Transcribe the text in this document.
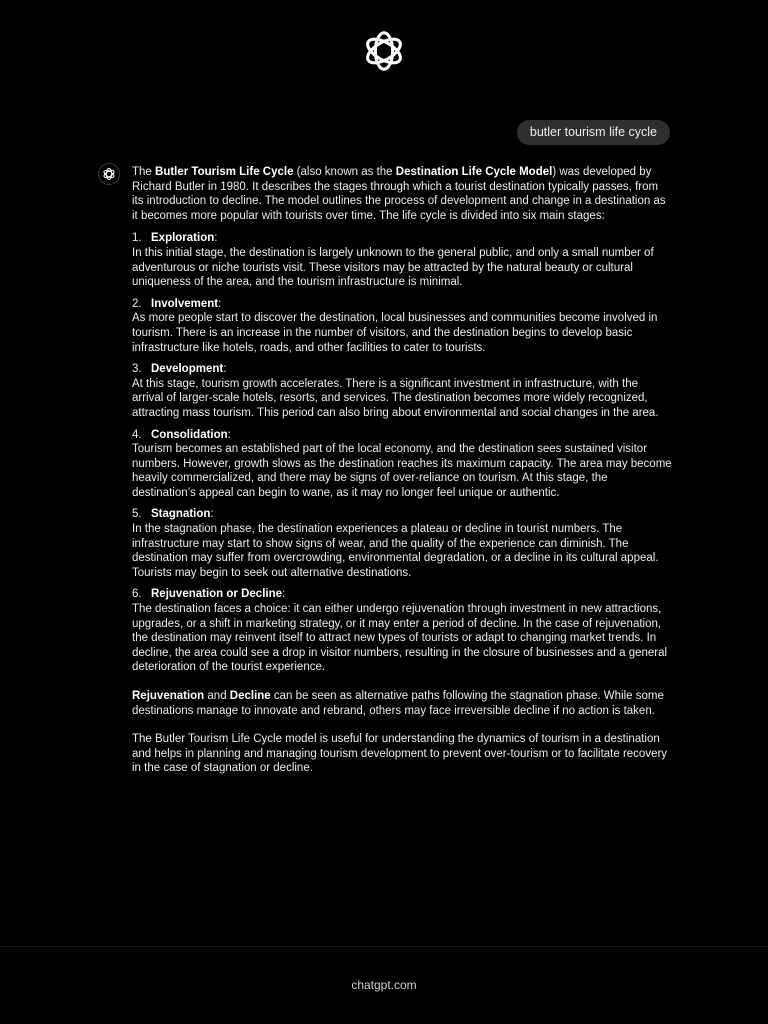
butler tourism life cycle

The Butler Tourism Life Cycle (also known as the Destination Life Cycle Model) was developed by Richard Butler in 1980. It describes the stages through which a tourist destination typically passes, from its introduction to decline. The model outlines the process of development and change in a destination as it becomes more popular with tourists over time. The life cycle is divided into six main stages:

1. Exploration:

In this initial stage, the destination is largely unknown to the general public, and only a small number of adventurous or niche tourists visit. These visitors may be attracted by the natural beauty or cultural uniqueness of the area, and the tourism infrastructure is minimal.

2. Involvement:

As more people start to discover the destination, local businesses and communities become involved in tourism. There is an increase in the number of visitors, and the destination begins to develop basic infrastructure like hotels, roads, and other facilities to cater to tourists.

3. Development:

At this stage, tourism growth accelerates. There is a significant investment in infrastructure, with the arrival of larger-scale hotels, resorts, and services. The destination becomes more widely recognized, attracting mass tourism. This period can also bring about environmental and social changes in the area.

4. Consolidation:

Tourism becomes an established part of the local economy, and the destination sees sustained visitor numbers. However, growth slows as the destination reaches its maximum capacity. The area may become heavily commercialized, and there may be signs of over-reliance on tourism. At this stage, the destination’s appeal can begin to wane, as it may no longer feel unique or authentic.

5. Stagnation:

In the stagnation phase, the destination experiences a plateau or decline in tourist numbers. The infrastructure may start to show signs of wear, and the quality of the experience can diminish. The destination may suffer from overcrowding, environmental degradation, or a decline in its cultural appeal. Tourists may begin to seek out alternative destinations.

6. Rejuvenation or Decline:

The destination faces a choice: it can either undergo rejuvenation through investment in new attractions, upgrades, or a shift in marketing strategy, or it may enter a period of decline. In the case of rejuvenation, the destination may reinvent itself to attract new types of tourists or adapt to changing market trends. In decline, the area could see a drop in visitor numbers, resulting in the closure of businesses and a general deterioration of the tourist experience.

Rejuvenation and Decline can be seen as alternative paths following the stagnation phase. While some destinations manage to innovate and rebrand, others may face irreversible decline if no action is taken.

The Butler Tourism Life Cycle model is useful for understanding the dynamics of tourism in a destination and helps in planning and managing tourism development to prevent over-tourism or to facilitate recovery in the case of stagnation or decline.

chatgpt.com
